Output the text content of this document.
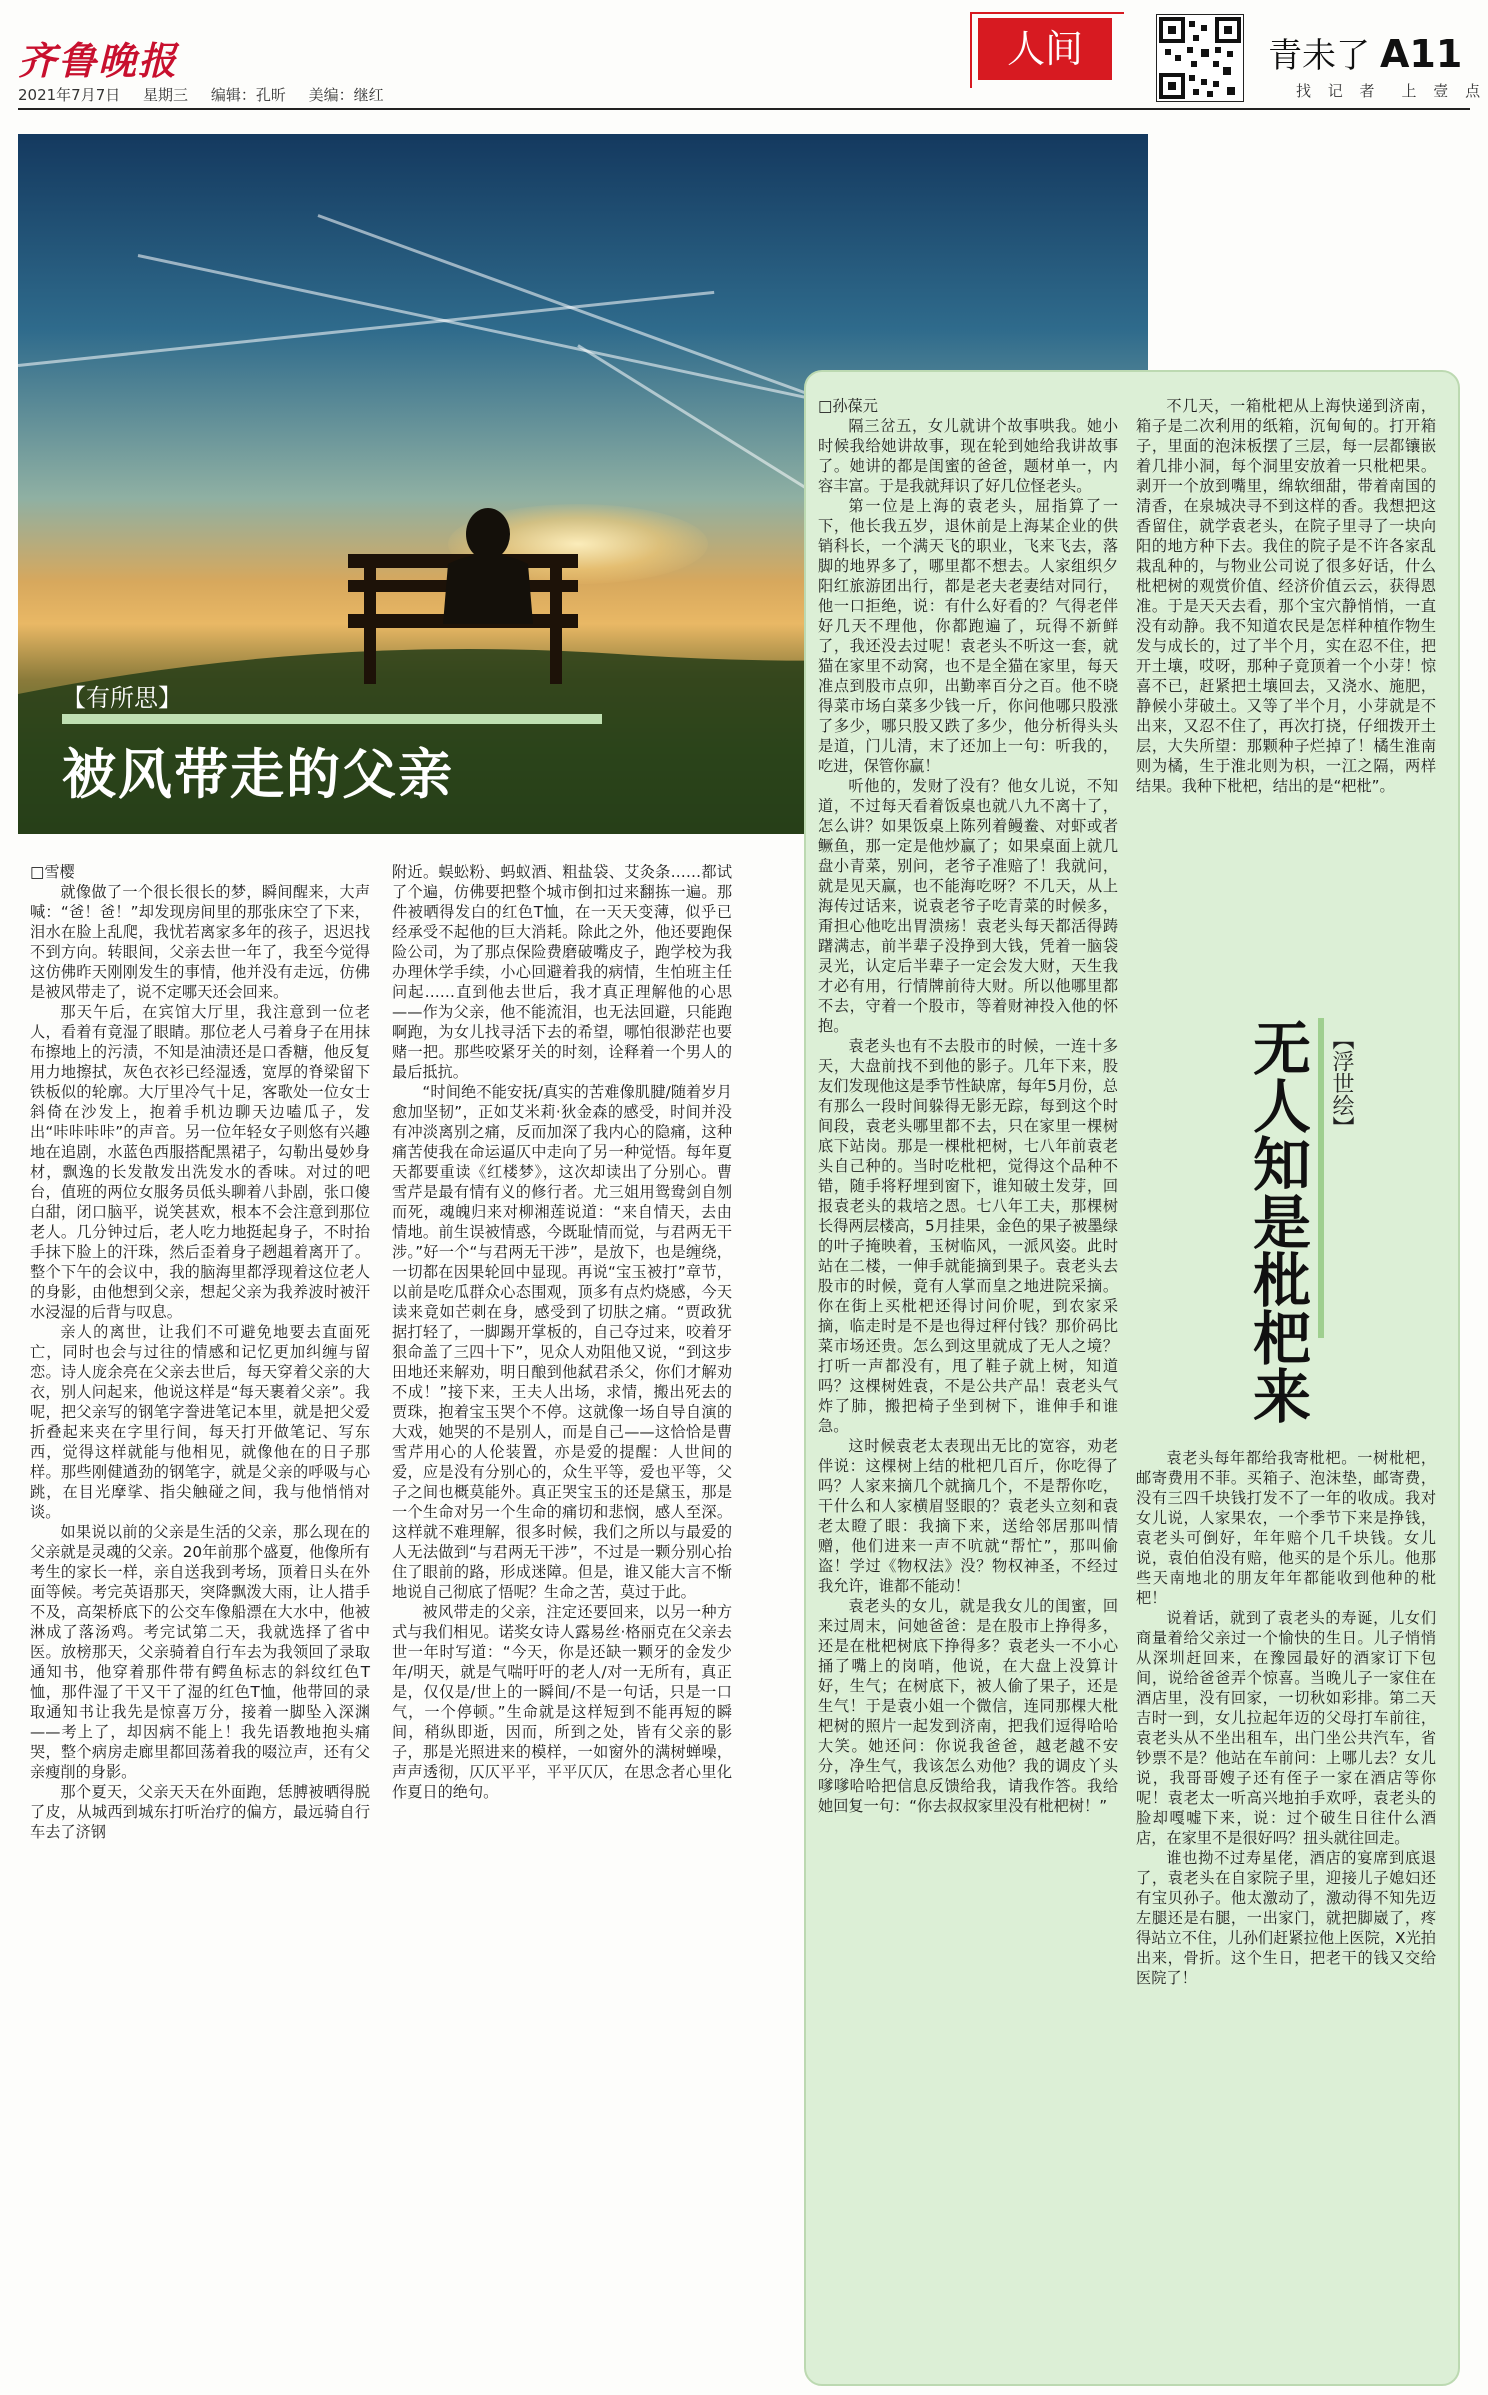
齐鲁晚报
2021年7月7日 星期三 编辑：孔昕 美编：继红
人间	青未了 A11
找 记 者　上 壹 点
【有所思】
被风带走的父亲

□雪樱

就像做了一个很长很长的梦，瞬间醒来，大声喊：“爸！爸！”却发现房间里的那张床空了下来，泪水在脸上乱爬，我忧若离家多年的孩子，迟迟找不到方向。转眼间，父亲去世一年了，我至今觉得这仿佛昨天刚刚发生的事情，他并没有走远，仿佛是被风带走了，说不定哪天还会回来。

那天午后，在宾馆大厅里，我注意到一位老人，看着有竟湿了眼睛。那位老人弓着身子在用抹布擦地上的污渍，不知是油渍还是口香糖，他反复用力地擦拭，灰色衣衫已经湿透，宽厚的脊梁留下铁板似的轮廓。大厅里冷气十足，客歌处一位女士斜倚在沙发上，抱着手机边聊天边嗑瓜子，发出“咔咔咔咔”的声音。另一位年轻女子则悠有兴趣地在追剧，水蓝色西服搭配黑裙子，勾勒出曼妙身材，飘逸的长发散发出洗发水的香味。对过的吧台，值班的两位女服务员低头聊着八卦剧，张口傻白甜，闭口脑平，说笑甚欢，根本不会注意到那位老人。几分钟过后，老人吃力地挺起身子，不时抬手抹下脸上的汗珠，然后歪着身子趔趄着离开了。整个下午的会议中，我的脑海里都浮现着这位老人的身影，由他想到父亲，想起父亲为我养波时被汗水浸湿的后背与叹息。

亲人的离世，让我们不可避免地要去直面死亡，同时也会与过往的情感和记忆更加纠缠与留恋。诗人庞余亮在父亲去世后，每天穿着父亲的大衣，别人问起来，他说这样是“每天裹着父亲”。我呢，把父亲写的钢笔字誊进笔记本里，就是把父爱折叠起来夹在字里行间，每天打开做笔记、写东西，觉得这样就能与他相见，就像他在的日子那样。那些刚健遒劲的钢笔字，就是父亲的呼吸与心跳，在目光摩挲、指尖触碰之间，我与他悄悄对谈。

如果说以前的父亲是生活的父亲，那么现在的父亲就是灵魂的父亲。20年前那个盛夏，他像所有考生的家长一样，亲自送我到考场，顶着日头在外面等候。考完英语那天，突降飘泼大雨，让人措手不及，高架桥底下的公交车像船漂在大水中，他被淋成了落汤鸡。考完试第二天，我就选择了省中医。放榜那天，父亲骑着自行车去为我领回了录取通知书，他穿着那件带有鳄鱼标志的斜纹红色T恤，那件湿了干又干了湿的红色T恤，他带回的录取通知书让我先是惊喜万分，接着一脚坠入深渊——考上了，却因病不能上！我先语教地抱头痛哭，整个病房走廊里都回荡着我的啜泣声，还有父亲瘦削的身影。

那个夏天，父亲天天在外面跑，恁膊被晒得脱了皮，从城西到城东打听治疗的偏方，最远骑自行车去了济钢

附近。蜈蚣粉、蚂蚁酒、粗盐袋、艾灸条……都试了个遍，仿佛要把整个城市倒扣过来翻拣一遍。那件被晒得发白的红色T恤，在一天天变薄，似乎已经承受不起他的巨大消耗。除此之外，他还要跑保险公司，为了那点保险费磨破嘴皮子，跑学校为我办理休学手续，小心回避着我的病情，生怕班主任问起……直到他去世后，我才真正理解他的心思——作为父亲，他不能流泪，也无法回避，只能跑啊跑，为女儿找寻活下去的希望，哪怕很渺茫也要赌一把。那些咬紧牙关的时刻，诠释着一个男人的最后抵抗。

“时间绝不能安抚/真实的苦难像肌腱/随着岁月愈加坚韧”，正如艾米莉·狄金森的感受，时间并没有冲淡离别之痛，反而加深了我内心的隐痛，这种痛苦使我在命运逼仄中走向了另一种觉悟。每年夏天都要重读《红楼梦》，这次却读出了分别心。曹雪芹是最有情有义的修行者。尤三姐用鸳鸯剑自刎而死，魂魄归来对柳湘莲说道：“来自情天，去由情地。前生误被情惑，今既耻情而觉，与君两无干涉。”好一个“与君两无干涉”，是放下，也是缠绕，一切都在因果轮回中显现。再说“宝玉被打”章节，以前是吃瓜群众心态围观，顶多有点灼烧感，今天读来竟如芒刺在身，感受到了切肤之痛。“贾政犹据打轻了，一脚踢开掌板的，自己夺过来，咬着牙狠命盖了三四十下”，见众人劝阻他又说，“到这步田地还来解劝，明日酿到他弑君杀父，你们才解劝不成！”接下来，王夫人出场，求情，搬出死去的贾珠，抱着宝玉哭个不停。这就像一场自导自演的大戏，她哭的不是别人，而是自己——这恰恰是曹雪芹用心的人伦装置，亦是爱的提醒：人世间的爱，应是没有分别心的，众生平等，爱也平等，父子之间也概莫能外。真正哭宝玉的还是黛玉，那是一个生命对另一个生命的痛切和悲悯，感人至深。这样就不难理解，很多时候，我们之所以与最爱的人无法做到“与君两无干涉”，不过是一颗分别心抬住了眼前的路，形成迷障。但是，谁又能大言不惭地说自己彻底了悟呢？生命之苦，莫过于此。

被风带走的父亲，注定还要回来，以另一种方式与我们相见。诺奖女诗人露易丝·格丽克在父亲去世一年时写道：“今天，你是还缺一颗牙的金发少年/明天，就是气喘吁吁的老人/对一无所有，真正是，仅仅是/世上的一瞬间/不是一句话，只是一口气，一个停顿。”生命就是这样短到不能再短的瞬间，稍纵即逝，因而，所到之处，皆有父亲的影子，那是光照进来的模样，一如窗外的满树蝉噪，声声透彻，仄仄平平，平平仄仄，在思念者心里化作夏日的绝句。

□孙葆元

隔三岔五，女儿就讲个故事哄我。她小时候我给她讲故事，现在轮到她给我讲故事了。她讲的都是闺蜜的爸爸，题材单一，内容丰富。于是我就拜识了好几位怪老头。

第一位是上海的袁老头，屈指算了一下，他长我五岁，退休前是上海某企业的供销科长，一个满天飞的职业，飞来飞去，落脚的地界多了，哪里都不想去。人家组织夕阳红旅游团出行，都是老夫老妻结对同行，他一口拒绝，说：有什么好看的？气得老伴好几天不理他，你都跑遍了，玩得不新鲜了，我还没去过呢！袁老头不听这一套，就猫在家里不动窝，也不是全猫在家里，每天准点到股市点卯，出勤率百分之百。他不晓得菜市场白菜多少钱一斤，你问他哪只股涨了多少，哪只股又跌了多少，他分析得头头是道，门儿清，末了还加上一句：听我的，吃进，保管你赢！

听他的，发财了没有？他女儿说，不知道，不过每天看着饭桌也就八九不离十了，怎么讲？如果饭桌上陈列着鳗鲞、对虾或者鳜鱼，那一定是他炒赢了；如果桌面上就几盘小青菜，别问，老爷子准赔了！我就问，就是见天赢，也不能海吃呀？不几天，从上海传过话来，说袁老爷子吃青菜的时候多，甭担心他吃出胃溃疡！袁老头每天都活得踌躇满志，前半辈子没挣到大钱，凭着一脑袋灵光，认定后半辈子一定会发大财，天生我才必有用，行情牌前待大财。所以他哪里都不去，守着一个股市，等着财神投入他的怀抱。

袁老头也有不去股市的时候，一连十多天，大盘前找不到他的影子。几年下来，股友们发现他这是季节性缺席，每年5月份，总有那么一段时间躲得无影无踪，每到这个时间段，袁老头哪里都不去，只在家里一棵树底下站岗。那是一棵枇杷树，七八年前袁老头自己种的。当时吃枇杷，觉得这个品种不错，随手将籽埋到窗下，谁知破土发芽，回报袁老头的栽培之恩。七八年工夫，那棵树长得两层楼高，5月挂果，金色的果子被墨绿的叶子掩映着，玉树临风，一派风姿。此时站在二楼，一伸手就能摘到果子。袁老头去股市的时候，竟有人掌而皇之地进院采摘。你在街上买枇杷还得讨问价呢，到农家采摘，临走时是不是也得过秤付钱？那价码比菜市场还贵。怎么到这里就成了无人之境？打听一声都没有，甩了鞋子就上树，知道吗？这棵树姓袁，不是公共产品！袁老头气炸了肺，搬把椅子坐到树下，谁伸手和谁急。

这时候袁老太表现出无比的宽容，劝老伴说：这棵树上结的枇杷几百斤，你吃得了吗？人家来摘几个就摘几个，不是帮你吃，干什么和人家横眉竖眼的？袁老头立刻和袁老太瞪了眼：我摘下来，送给邻居那叫情赠，他们进来一声不吭就“帮忙”，那叫偷盗！学过《物权法》没？物权神圣，不经过我允许，谁都不能动！

袁老头的女儿，就是我女儿的闺蜜，回来过周末，问她爸爸：是在股市上挣得多，还是在枇杷树底下挣得多？袁老头一不小心捅了嘴上的岗哨，他说，在大盘上没算计好，生气；在树底下，被人偷了果子，还是生气！于是袁小姐一个微信，连同那棵大枇杷树的照片一起发到济南，把我们逗得哈哈大笑。她还问：你说我爸爸，越老越不安分，净生气，我该怎么劝他？我的调皮丫头嗲嗲哈哈把信息反馈给我，请我作答。我给她回复一句：“你去叔叔家里没有枇杷树！”

不几天，一箱枇杷从上海快递到济南，箱子是二次利用的纸箱，沉甸甸的。打开箱子，里面的泡沫板摆了三层，每一层都镶嵌着几排小洞，每个洞里安放着一只枇杷果。剥开一个放到嘴里，绵软细甜，带着南国的清香，在泉城决寻不到这样的香。我想把这香留住，就学袁老头，在院子里寻了一块向阳的地方种下去。我住的院子是不许各家乱栽乱种的，与物业公司说了很多好话，什么枇杷树的观赏价值、经济价值云云，获得恩准。于是天天去看，那个宝穴静悄悄，一直没有动静。我不知道农民是怎样种植作物生发与成长的，过了半个月，实在忍不住，把开土壤，哎呀，那种子竟顶着一个小芽！惊喜不已，赶紧把土壤回去，又浇水、施肥，静候小芽破土。又等了半个月，小芽就是不出来，又忍不住了，再次打挠，仔细拨开土层，大失所望：那颗种子烂掉了！橘生淮南则为橘，生于淮北则为枳，一江之隔，两样结果。我种下枇杷，结出的是“杷枇”。

无人知是枇杷来 【浮世绘】

袁老头每年都给我寄枇杷。一树枇杷，邮寄费用不菲。买箱子、泡沫垫，邮寄费，没有三四千块钱打发不了一年的收成。我对女儿说，人家果农，一个季节下来是挣钱，袁老头可倒好，年年赔个几千块钱。女儿说，袁伯伯没有赔，他买的是个乐儿。他那些天南地北的朋友年年都能收到他种的枇杷！

说着话，就到了袁老头的寿诞，儿女们商量着给父亲过一个愉快的生日。儿子悄悄从深圳赶回来，在豫园最好的酒家订下包间，说给爸爸弄个惊喜。当晚儿子一家住在酒店里，没有回家，一切秋如彩排。第二天吉时一到，女儿拉起年迈的父母打车前往，袁老头从不坐出租车，出门坐公共汽车，省钞票不是？他站在车前问：上哪儿去？女儿说，我哥哥嫂子还有侄子一家在酒店等你呢！袁老太一听高兴地拍手欢呼，袁老头的脸却嘎嘘下来，说：过个破生日往什么酒店，在家里不是很好吗？扭头就往回走。

谁也拗不过寿星佬，酒店的宴席到底退了，袁老头在自家院子里，迎接儿子媳妇还有宝贝孙子。他太激动了，激动得不知先迈左腿还是右腿，一出家门，就把脚崴了，疼得站立不住，儿孙们赶紧拉他上医院，X光拍出来，骨折。这个生日，把老干的钱又交给医院了！
